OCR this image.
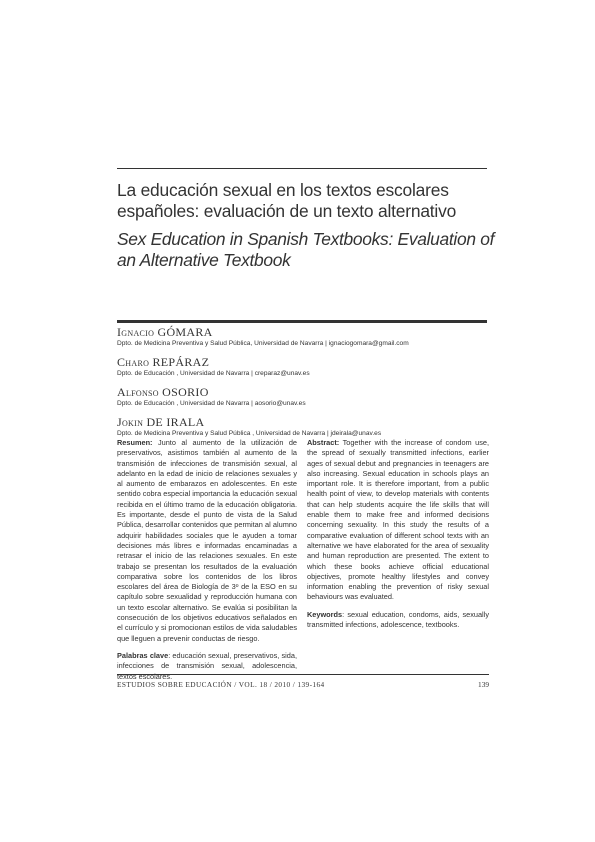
La educación sexual en los textos escolares españoles: evaluación de un texto alternativo
Sex Education in Spanish Textbooks: Evaluation of an Alternative Textbook
Ignacio GÓMARA
Dpto. de Medicina Preventiva y Salud Pública, Universidad de Navarra | ignaciogomara@gmail.com
Charo REPÁRAZ
Dpto. de Educación , Universidad de Navarra | creparaz@unav.es
Alfonso OSORIO
Dpto. de Educación , Universidad de Navarra | aosorio@unav.es
Jokin DE IRALA
Dpto. de Medicina Preventiva y Salud Pública , Universidad de Navarra | jdeirala@unav.es

Resumen: Junto al aumento de la utilización de preservativos, asistimos también al aumento de la transmisión de infecciones de transmisión sexual, al adelanto en la edad de inicio de relaciones sexuales y al aumento de embarazos en adolescentes. En este sentido cobra especial importancia la educación sexual recibida en el último tramo de la educación obligatoria. Es importante, desde el punto de vista de la Salud Pública, desarrollar contenidos que permitan al alumno adquirir habilidades sociales que le ayuden a tomar decisiones más libres e informadas encaminadas a retrasar el inicio de las relaciones sexuales. En este trabajo se presentan los resultados de la evaluación comparativa sobre los contenidos de los libros escolares del área de Biología de 3º de la ESO en su capítulo sobre sexualidad y reproducción humana con un texto escolar alternativo. Se evalúa si posibilitan la consecución de los objetivos educativos señalados en el currículo y si promocionan estilos de vida saludables que lleguen a prevenir conductas de riesgo.

Palabras clave: educación sexual, preservativos, sida, infecciones de transmisión sexual, adolescencia, textos escolares.

Abstract: Together with the increase of condom use, the spread of sexually transmitted infections, earlier ages of sexual debut and pregnancies in teenagers are also increasing. Sexual education in schools plays an important role. It is therefore important, from a public health point of view, to develop materials with contents that can help students acquire the life skills that will enable them to make free and informed decisions concerning sexuality. In this study the results of a comparative evaluation of different school texts with an alternative we have elaborated for the area of sexuality and human reproduction are presented. The extent to which these books achieve official educational objectives, promote healthy lifestyles and convey information enabling the prevention of risky sexual behaviours was evaluated.

Keywords: sexual education, condoms, aids, sexually transmitted infections, adolescence, textbooks.

ESTUDIOS SOBRE EDUCACIÓN / VOL. 18 / 2010 / 139-164	139
